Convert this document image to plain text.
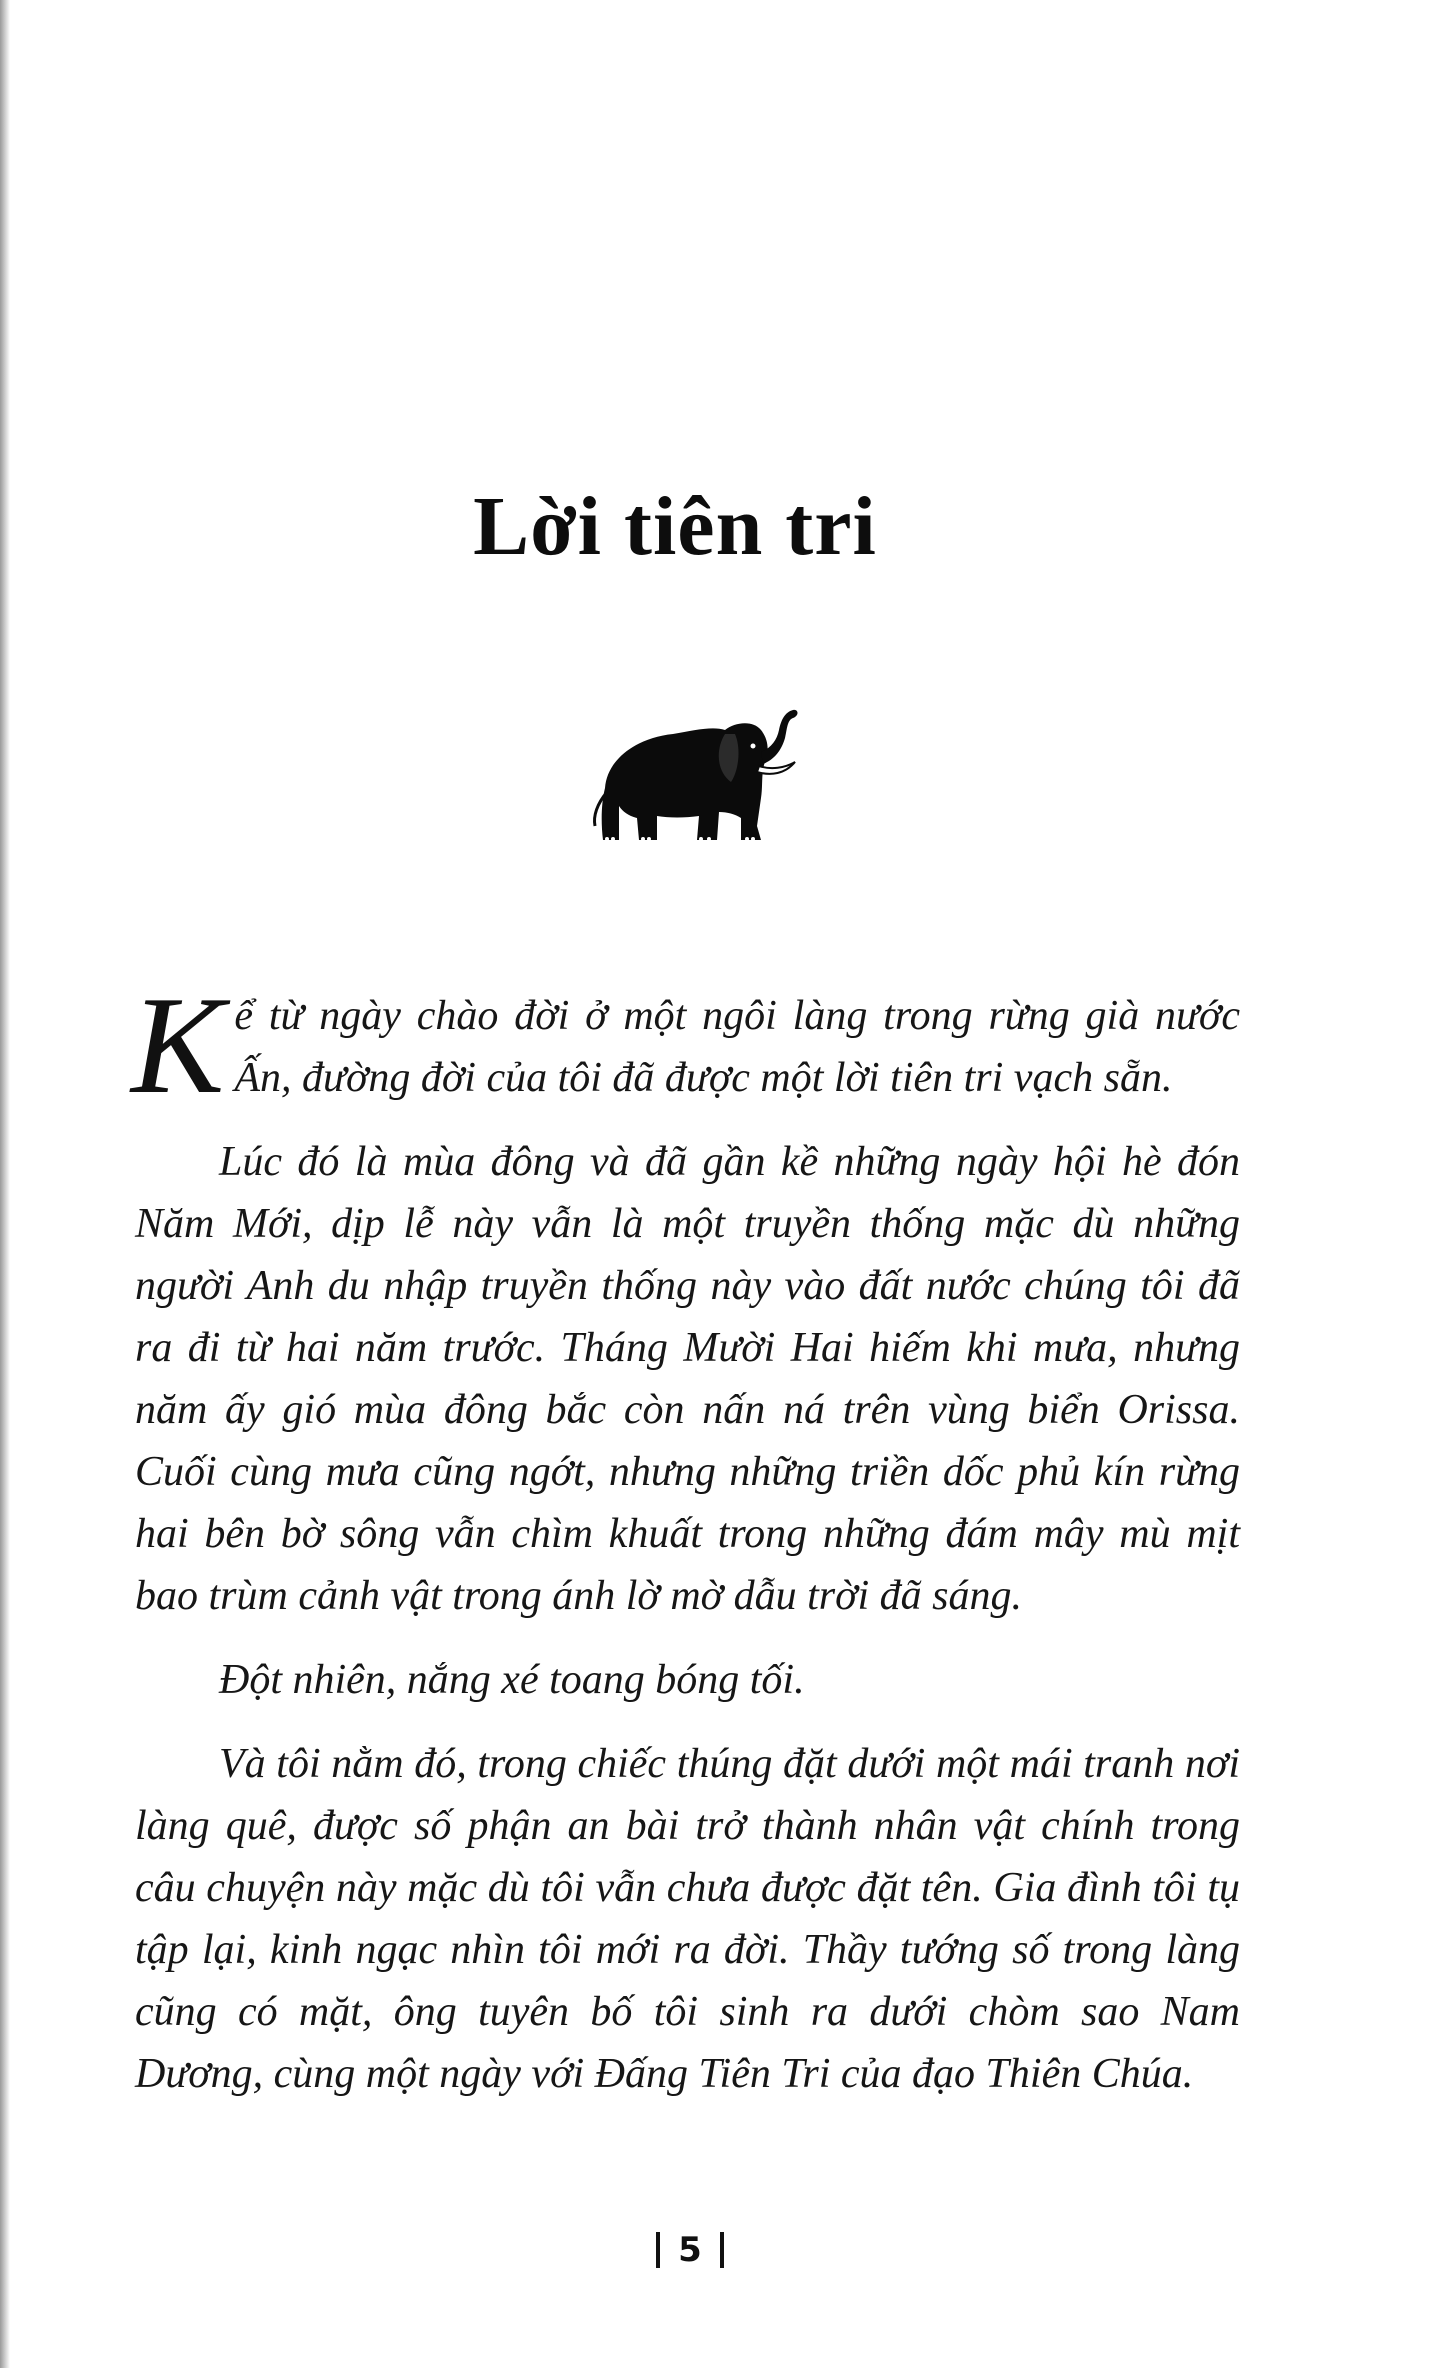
Lời tiên tri

Kể từ ngày chào đời ở một ngôi làng trong rừng già nước Ấn, đường đời của tôi đã được một lời tiên tri vạch sẵn.

Lúc đó là mùa đông và đã gần kề những ngày hội hè đón Năm Mới, dịp lễ này vẫn là một truyền thống mặc dù những người Anh du nhập truyền thống này vào đất nước chúng tôi đã ra đi từ hai năm trước. Tháng Mười Hai hiếm khi mưa, nhưng năm ấy gió mùa đông bắc còn nấn ná trên vùng biển Orissa. Cuối cùng mưa cũng ngớt, nhưng những triền dốc phủ kín rừng hai bên bờ sông vẫn chìm khuất trong những đám mây mù mịt bao trùm cảnh vật trong ánh lờ mờ dẫu trời đã sáng.

Đột nhiên, nắng xé toang bóng tối.

Và tôi nằm đó, trong chiếc thúng đặt dưới một mái tranh nơi làng quê, được số phận an bài trở thành nhân vật chính trong câu chuyện này mặc dù tôi vẫn chưa được đặt tên. Gia đình tôi tụ tập lại, kinh ngạc nhìn tôi mới ra đời. Thầy tướng số trong làng cũng có mặt, ông tuyên bố tôi sinh ra dưới chòm sao Nam Dương, cùng một ngày với Đấng Tiên Tri của đạo Thiên Chúa.

5
